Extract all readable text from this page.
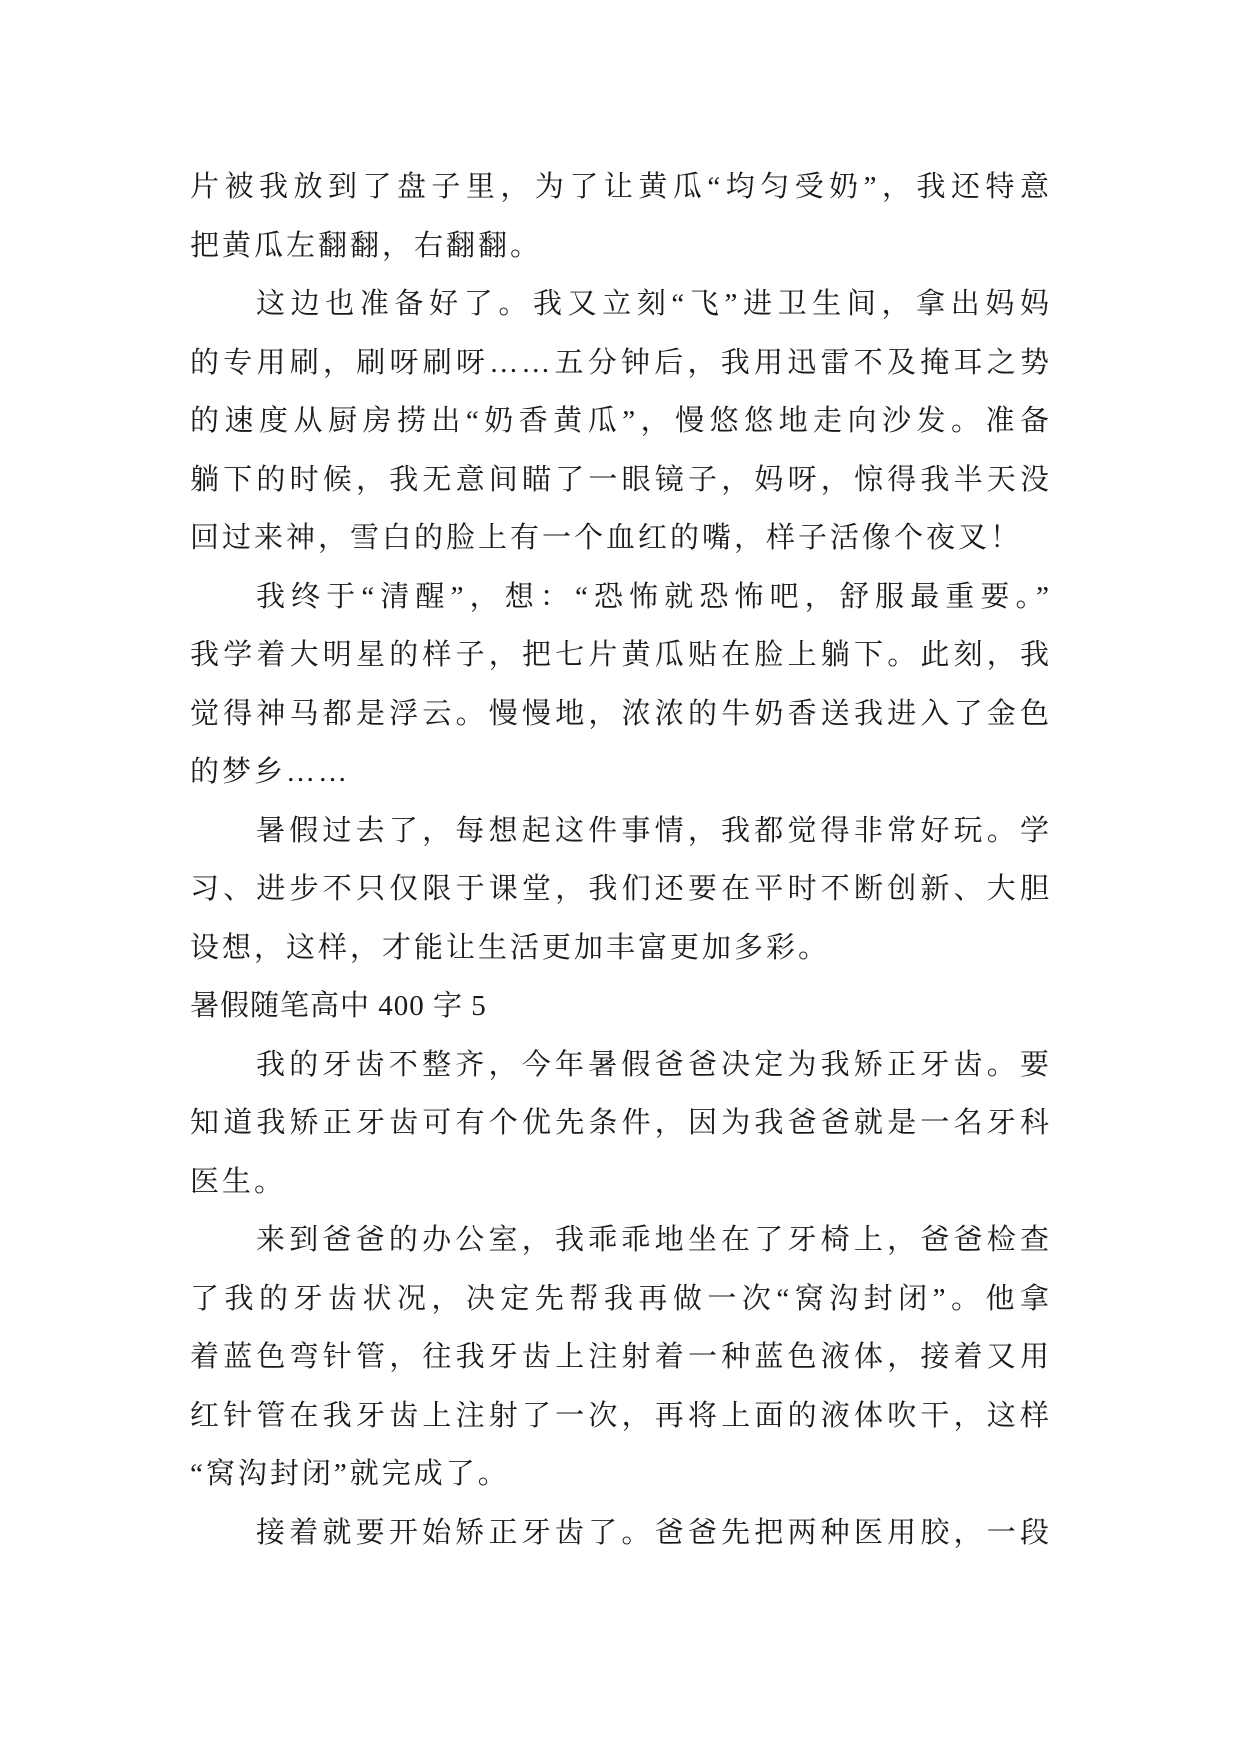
片被我放到了盘子里，为了让黄瓜“均匀受奶”，我还特意
把黄瓜左翻翻，右翻翻。
这边也准备好了。我又立刻“飞”进卫生间，拿出妈妈
的专用刷，刷呀刷呀……五分钟后，我用迅雷不及掩耳之势
的速度从厨房捞出“奶香黄瓜”，慢悠悠地走向沙发。准备
躺下的时候，我无意间瞄了一眼镜子，妈呀，惊得我半天没
回过来神，雪白的脸上有一个血红的嘴，样子活像个夜叉！
我终于“清醒”，想：“恐怖就恐怖吧，舒服最重要。”
我学着大明星的样子，把七片黄瓜贴在脸上躺下。此刻，我
觉得神马都是浮云。慢慢地，浓浓的牛奶香送我进入了金色
的梦乡……
暑假过去了，每想起这件事情，我都觉得非常好玩。学
习、进步不只仅限于课堂，我们还要在平时不断创新、大胆
设想，这样，才能让生活更加丰富更加多彩。
暑假随笔高中 400 字 5
我的牙齿不整齐，今年暑假爸爸决定为我矫正牙齿。要
知道我矫正牙齿可有个优先条件，因为我爸爸就是一名牙科
医生。
来到爸爸的办公室，我乖乖地坐在了牙椅上，爸爸检查
了我的牙齿状况，决定先帮我再做一次“窝沟封闭”。他拿
着蓝色弯针管，往我牙齿上注射着一种蓝色液体，接着又用
红针管在我牙齿上注射了一次，再将上面的液体吹干，这样
“窝沟封闭”就完成了。
接着就要开始矫正牙齿了。爸爸先把两种医用胶，一段
